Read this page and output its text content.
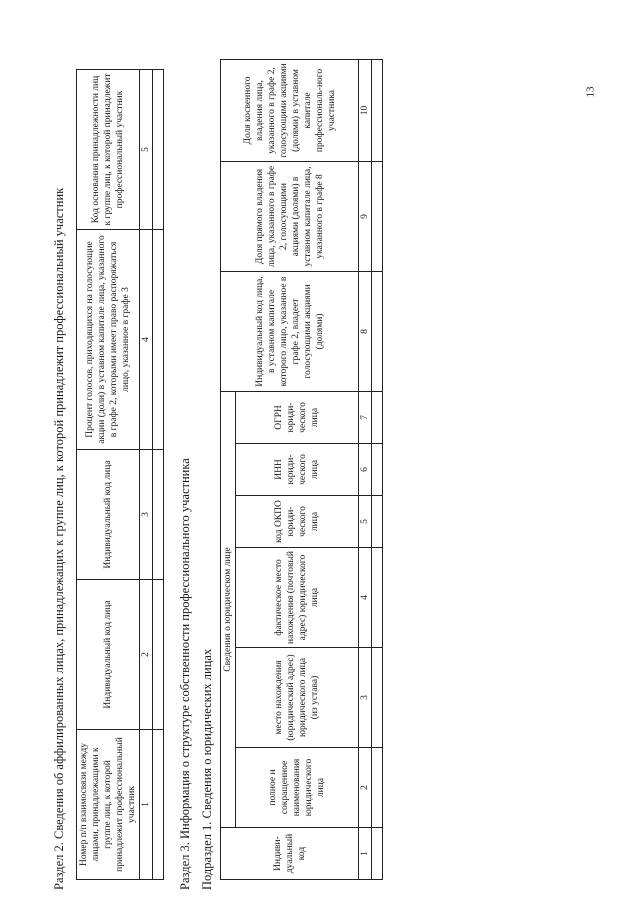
13
Раздел 2. Сведения об аффилированных лицах, принадлежащих к группе лиц, к которой принадлежит профессиональный участник Номер п/п взаимосвязи между лицами, принадлежащими к группе лиц, к которой принадлежит профессиональный участник	Индивидуальный код лица	Индивидуальный код лица	Процент голосов, приходящихся на голосующие акции (доли) в уставном капитале лица, указанного в графе 2, которыми имеет право распоряжаться лицо, указанное в графе 3	Код основания принадлежности лиц к группе лиц, к которой принадлежит профессиональный участник
1	2	3	4	5

Раздел 3. Информация о структуре собственности профессионального участника Подраздел 1. Сведения о юридических лицах	Индиви-дуальный код	Сведения о юридическом лице						Индивидуальный код лица, в уставном капитале которого лицо, указанное в графе 2, владеет голосующими акциями (долями)	Доля прямого владения лица, указанного в графе 2, голосующими акциями (долями) в уставном капитале лица, указанного в графе 8	Доля косвенного владения лица, указанного в графе 2, голосующими акциями (долями) в уставном капитале профессиональ-ного участника
	полное и сокращенное наименования юридического лица	место нахождения (юридический адрес) юридического лица (из устава)	фактическое место нахождения (почтовый адрес) юридического лица	код ОКПО юриди-ческого лица	ИНН юриди-ческого лица	ОГРН юриди-ческого лица			
1	2	3	4	5	6	7	8	9	10
